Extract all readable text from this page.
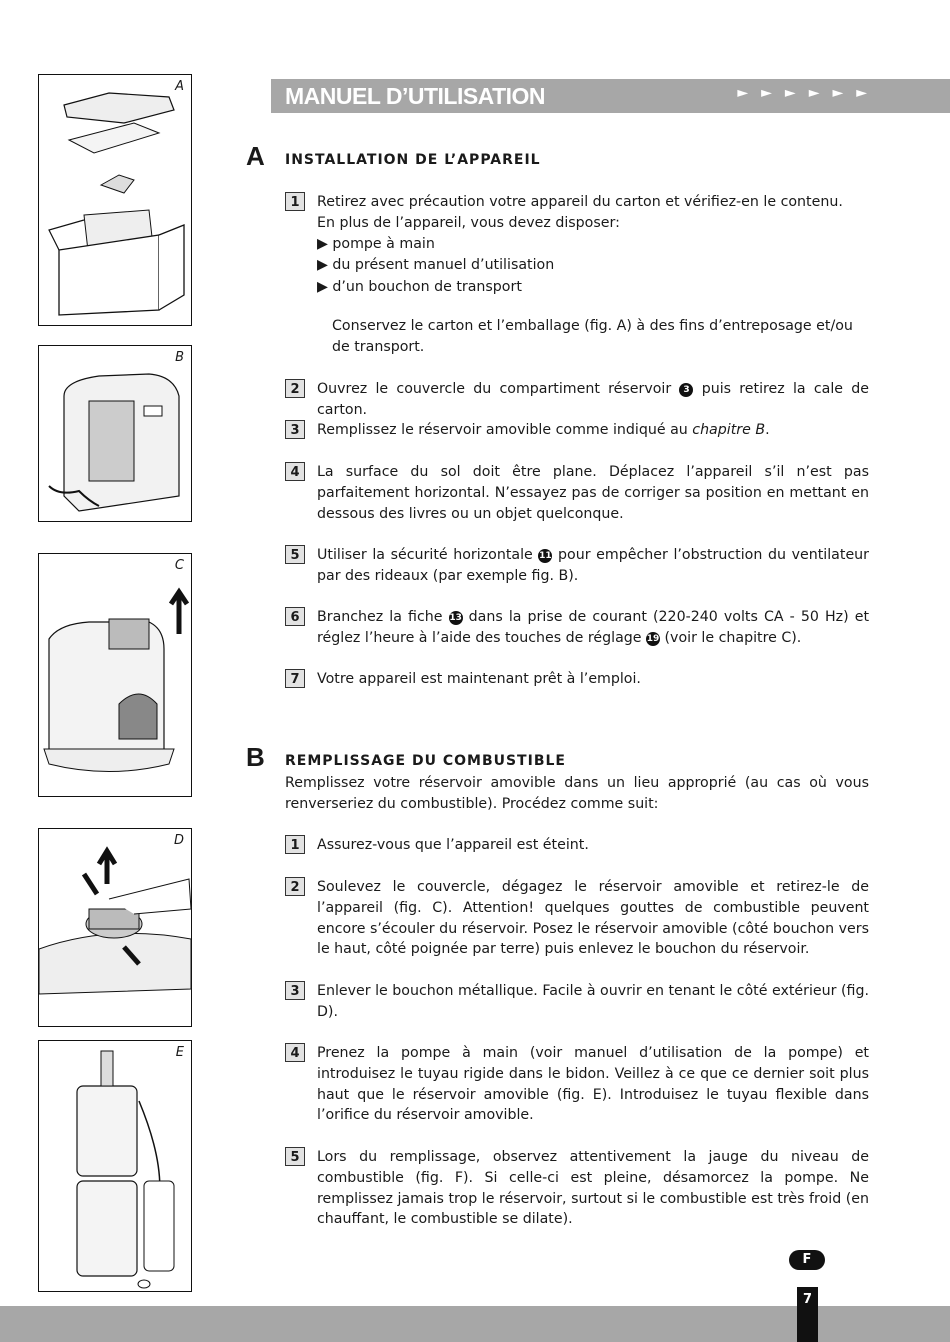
A
B
C
D
E
MANUEL D’UTILISATION	►►►►►►
A INSTALLATION DE L’APPAREIL
1	Retirez avec précaution votre appareil du carton et vérifiez-en le contenu.
En plus de l’appareil, vous devez disposer:
▶ pompe à main
▶ du présent manuel d’utilisation
▶ d’un bouchon de transport
Conservez le carton et l’emballage (fig. A) à des fins d’entreposage et/ou de transport.
2	Ouvrez le couvercle du compartiment réservoir 3 puis retirez la cale de carton.
3	Remplissez le réservoir amovible comme indiqué au chapitre B.
4	La surface du sol doit être plane. Déplacez l’appareil s’il n’est pas parfaitement horizontal. N’essayez pas de corriger sa position en mettant en dessous des livres ou un objet quelconque.
5	Utiliser la sécurité horizontale 11 pour empêcher l’obstruction du ventilateur par des rideaux (par exemple fig. B).
6	Branchez la fiche 13 dans la prise de courant (220-240 volts CA - 50 Hz) et réglez l’heure à l’aide des touches de réglage 19 (voir le chapitre C).
7	Votre appareil est maintenant prêt à l’emploi.
B REMPLISSAGE DU COMBUSTIBLE
Remplissez votre réservoir amovible dans un lieu approprié (au cas où vous renverseriez du combustible). Procédez comme suit:
1	Assurez-vous que l’appareil est éteint.
2	Soulevez le couvercle, dégagez le réservoir amovible et retirez-le de l’appareil (fig. C). Attention! quelques gouttes de combustible peuvent encore s’écouler du réservoir. Posez le réservoir amovible (côté bouchon vers le haut, côté poignée par terre) puis enlevez le bouchon du réservoir.
3	Enlever le bouchon métallique. Facile à ouvrir en tenant le côté extérieur (fig. D).
4	Prenez la pompe à main (voir manuel d’utilisation de la pompe) et introduisez le tuyau rigide dans le bidon. Veillez à ce que ce dernier soit plus haut que le réservoir amovible (fig. E). Introduisez le tuyau flexible dans l’orifice du réservoir amovible.
5	Lors du remplissage, observez attentivement la jauge du niveau de combustible (fig. F). Si celle-ci est pleine, désamorcez la pompe. Ne remplissez jamais trop le réservoir, surtout si le combustible est très froid (en chauffant, le combustible se dilate).
F
7
